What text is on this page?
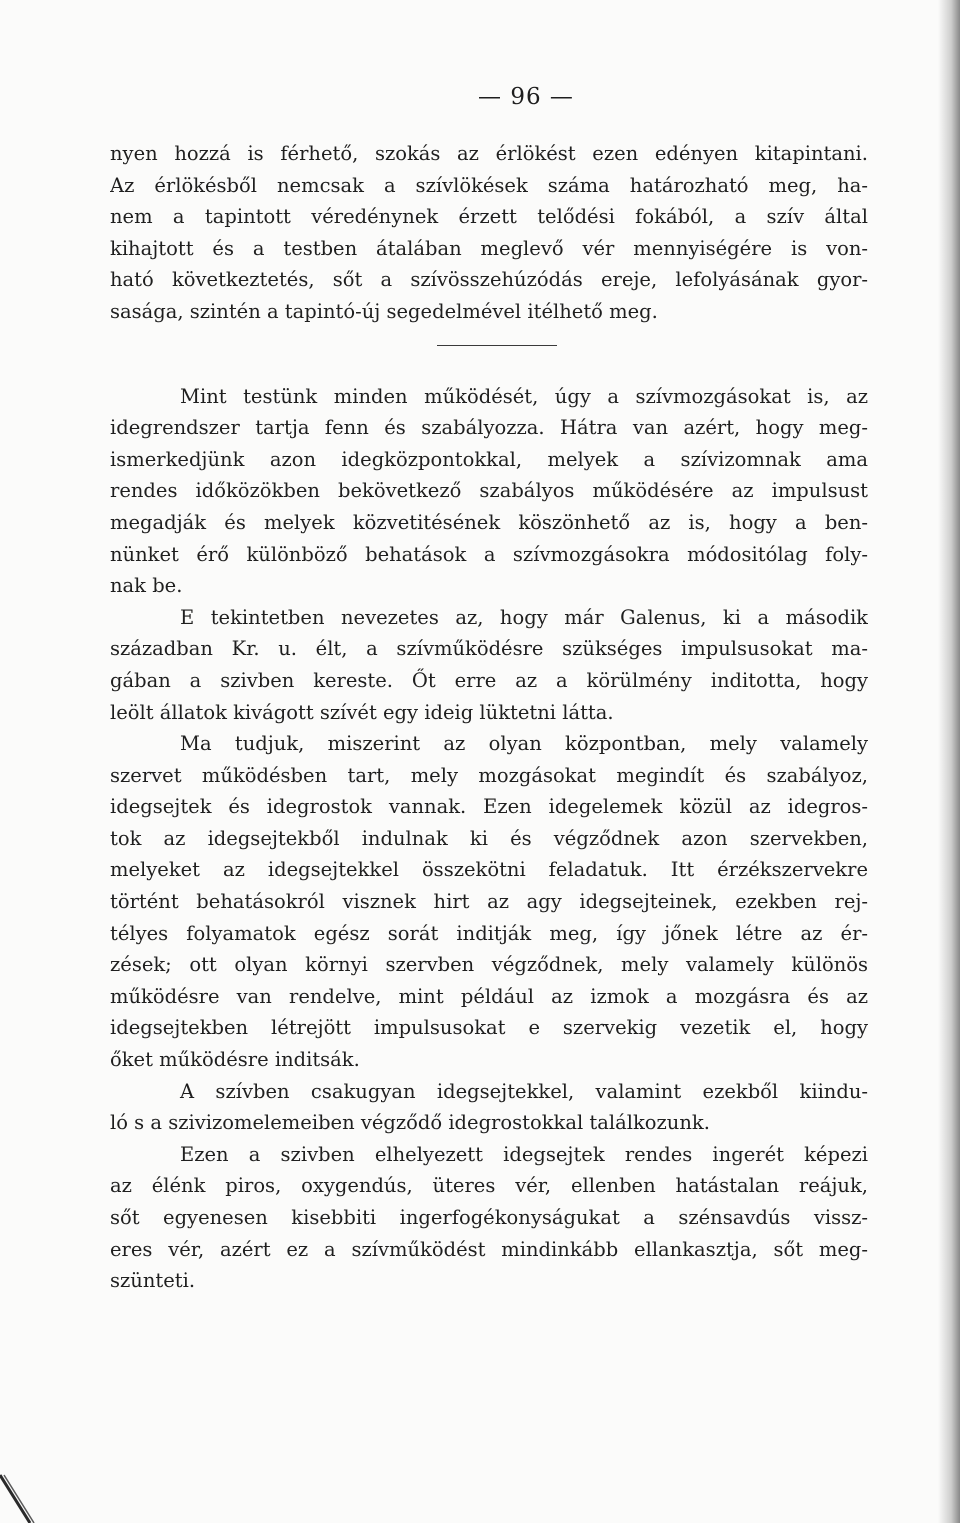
— 96 —
nyen hozzá is férhető, szokás az érlökést ezen edényen kitapintani.
Az érlökésből nemcsak a szívlökések száma határozható meg, ha-
nem a tapintott véredénynek érzett telődési fokából, a szív által
kihajtott és a testben átalában meglevő vér mennyiségére is von-
ható következtetés, sőt a szívösszehúzódás ereje, lefolyásának gyor-
sasága, szintén a tapintó-új segedelmével itélhető meg.
Mint testünk minden működését, úgy a szívmozgásokat is, az
idegrendszer tartja fenn és szabályozza. Hátra van azért, hogy meg-
ismerkedjünk azon idegközpontokkal, melyek a szívizomnak ama
rendes időközökben bekövetkező szabályos működésére az impulsust
megadják és melyek közvetitésének köszönhető az is, hogy a ben-
nünket érő különböző behatások a szívmozgásokra módositólag foly-
nak be.
E tekintetben nevezetes az, hogy már Galenus, ki a második
században Kr. u. élt, a szívműködésre szükséges impulsusokat ma-
gában a szivben kereste. Őt erre az a körülmény inditotta, hogy
leölt állatok kivágott szívét egy ideig lüktetni látta.
Ma tudjuk, miszerint az olyan központban, mely valamely
szervet működésben tart, mely mozgásokat megindít és szabályoz,
idegsejtek és idegrostok vannak. Ezen idegelemek közül az idegros-
tok az idegsejtekből indulnak ki és végződnek azon szervekben,
melyeket az idegsejtekkel összekötni feladatuk. Itt érzékszervekre
történt behatásokról visznek hirt az agy idegsejteinek, ezekben rej-
télyes folyamatok egész sorát inditják meg, így jőnek létre az ér-
zések; ott olyan környi szervben végződnek, mely valamely különös
működésre van rendelve, mint például az izmok a mozgásra és az
idegsejtekben létrejött impulsusokat e szervekig vezetik el, hogy
őket működésre inditsák.
A szívben csakugyan idegsejtekkel, valamint ezekből kiindu-
ló s a szivizomelemeiben végződő idegrostokkal találkozunk.
Ezen a szivben elhelyezett idegsejtek rendes ingerét képezi
az élénk piros, oxygendús, üteres vér, ellenben hatástalan reájuk,
sőt egyenesen kisebbiti ingerfogékonyságukat a szénsavdús vissz-
eres vér, azért ez a szívműködést mindinkább ellankasztja, sőt meg-
szünteti.
